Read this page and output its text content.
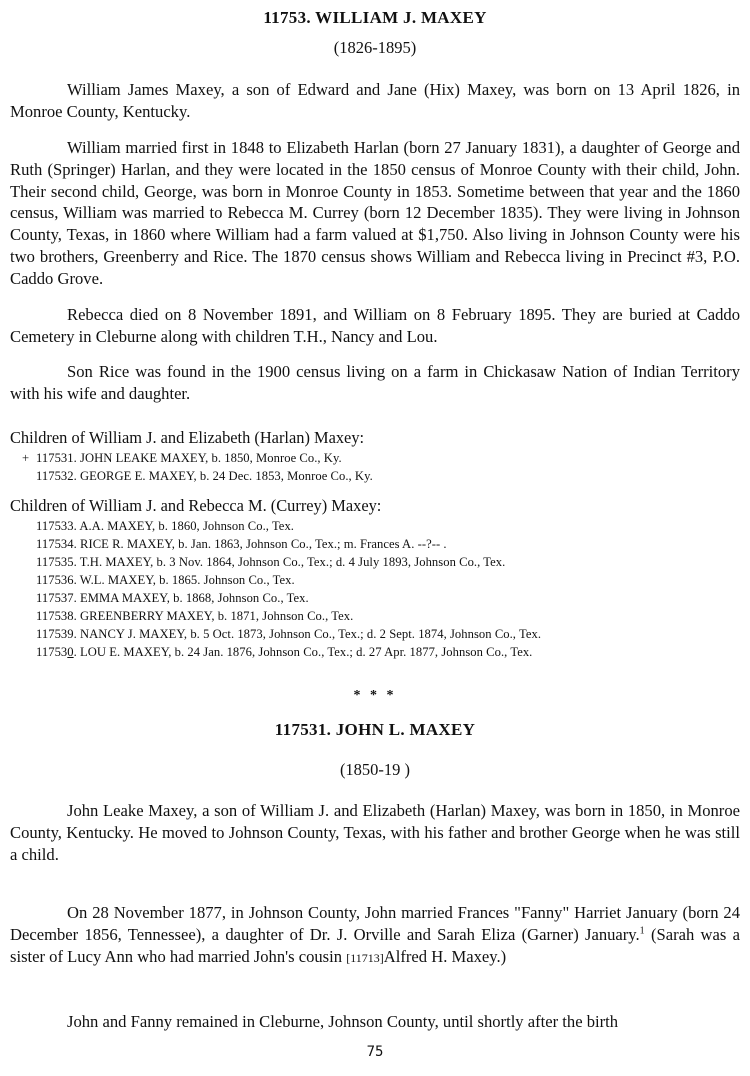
11753. WILLIAM J. MAXEY
(1826-1895)

William James Maxey, a son of Edward and Jane (Hix) Maxey, was born on 13 April 1826, in Monroe County, Kentucky.

William married first in 1848 to Elizabeth Harlan (born 27 January 1831), a daughter of George and Ruth (Springer) Harlan, and they were located in the 1850 census of Monroe County with their child, John. Their second child, George, was born in Monroe County in 1853. Sometime between that year and the 1860 census, William was married to Rebecca M. Currey (born 12 December 1835). They were living in Johnson County, Texas, in 1860 where William had a farm valued at $1,750. Also living in Johnson County were his two brothers, Greenberry and Rice. The 1870 census shows William and Rebecca living in Precinct #3, P.O. Caddo Grove.

Rebecca died on 8 November 1891, and William on 8 February 1895. They are buried at Caddo Cemetery in Cleburne along with children T.H., Nancy and Lou.

Son Rice was found in the 1900 census living on a farm in Chickasaw Nation of Indian Territory with his wife and daughter.

Children of William J. and Elizabeth (Harlan) Maxey:
+ 117531. JOHN LEAKE MAXEY, b. 1850, Monroe Co., Ky.
117532. GEORGE E. MAXEY, b. 24 Dec. 1853, Monroe Co., Ky.
Children of William J. and Rebecca M. (Currey) Maxey:
117533. A.A. MAXEY, b. 1860, Johnson Co., Tex.
117534. RICE R. MAXEY, b. Jan. 1863, Johnson Co., Tex.; m. Frances A. --?-- .
117535. T.H. MAXEY, b. 3 Nov. 1864, Johnson Co., Tex.; d. 4 July 1893, Johnson Co., Tex.
117536. W.L. MAXEY, b. 1865. Johnson Co., Tex.
117537. EMMA MAXEY, b. 1868, Johnson Co., Tex.
117538. GREENBERRY MAXEY, b. 1871, Johnson Co., Tex.
117539. NANCY J. MAXEY, b. 5 Oct. 1873, Johnson Co., Tex.; d. 2 Sept. 1874, Johnson Co., Tex.
117530. LOU E. MAXEY, b. 24 Jan. 1876, Johnson Co., Tex.; d. 27 Apr. 1877, Johnson Co., Tex.
* * *
117531. JOHN L. MAXEY
(1850-19 )

John Leake Maxey, a son of William J. and Elizabeth (Harlan) Maxey, was born in 1850, in Monroe County, Kentucky. He moved to Johnson County, Texas, with his father and brother George when he was still a child.

On 28 November 1877, in Johnson County, John married Frances "Fanny" Harriet January (born 24 December 1856, Tennessee), a daughter of Dr. J. Orville and Sarah Eliza (Garner) January.$^1$ (Sarah was a sister of Lucy Ann who had married John's cousin [11713]Alfred H. Maxey.)

John and Fanny remained in Cleburne, Johnson County, until shortly after the birth

75
